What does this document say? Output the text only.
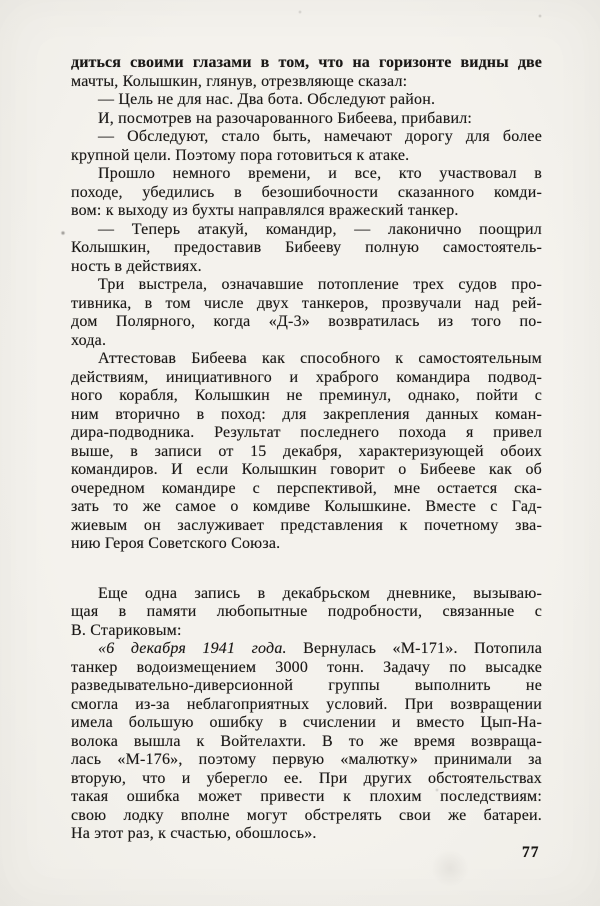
диться своими глазами в том, что на горизонте видны две
мачты, Колышкин, глянув, отрезвляюще сказал:
— Цель не для нас. Два бота. Обследуют район.
И, посмотрев на разочарованного Бибеева, прибавил:
— Обследуют, стало быть, намечают дорогу для более
крупной цели. Поэтому пора готовиться к атаке.
Прошло немного времени, и все, кто участвовал в
походе, убедились в безошибочности сказанного комди-
вом: к выходу из бухты направлялся вражеский танкер.
— Теперь атакуй, командир, — лаконично поощрил
Колышкин, предоставив Бибееву полную самостоятель-
ность в действиях.
Три выстрела, означавшие потопление трех судов про-
тивника, в том числе двух танкеров, прозвучали над рей-
дом Полярного, когда «Д-3» возвратилась из того по-
хода.
Аттестовав Бибеева как способного к самостоятельным
действиям, инициативного и храброго командира подвод-
ного корабля, Колышкин не преминул, однако, пойти с
ним вторично в поход: для закрепления данных коман-
дира-подводника. Результат последнего похода я привел
выше, в записи от 15 декабря, характеризующей обоих
командиров. И если Колышкин говорит о Бибееве как об
очередном командире с перспективой, мне остается ска-
зать то же самое о комдиве Колышкине. Вместе с Гад-
жиевым он заслуживает представления к почетному зва-
нию Героя Советского Союза.
Еще одна запись в декабрьском дневнике, вызываю-
щая в памяти любопытные подробности, связанные с
В. Стариковым:
«6 декабря 1941 года. Вернулась «М-171». Потопила
танкер водоизмещением 3000 тонн. Задачу по высадке
разведывательно-диверсионной группы выполнить не
смогла из-за неблагоприятных условий. При возвращении
имела большую ошибку в счислении и вместо Цып-На-
волока вышла к Войтелахти. В то же время возвраща-
лась «М-176», поэтому первую «малютку» принимали за
вторую, что и уберегло ее. При других обстоятельствах
такая ошибка может привести к плохим последствиям:
свою лодку вполне могут обстрелять свои же батареи.
На этот раз, к счастью, обошлось».
77
